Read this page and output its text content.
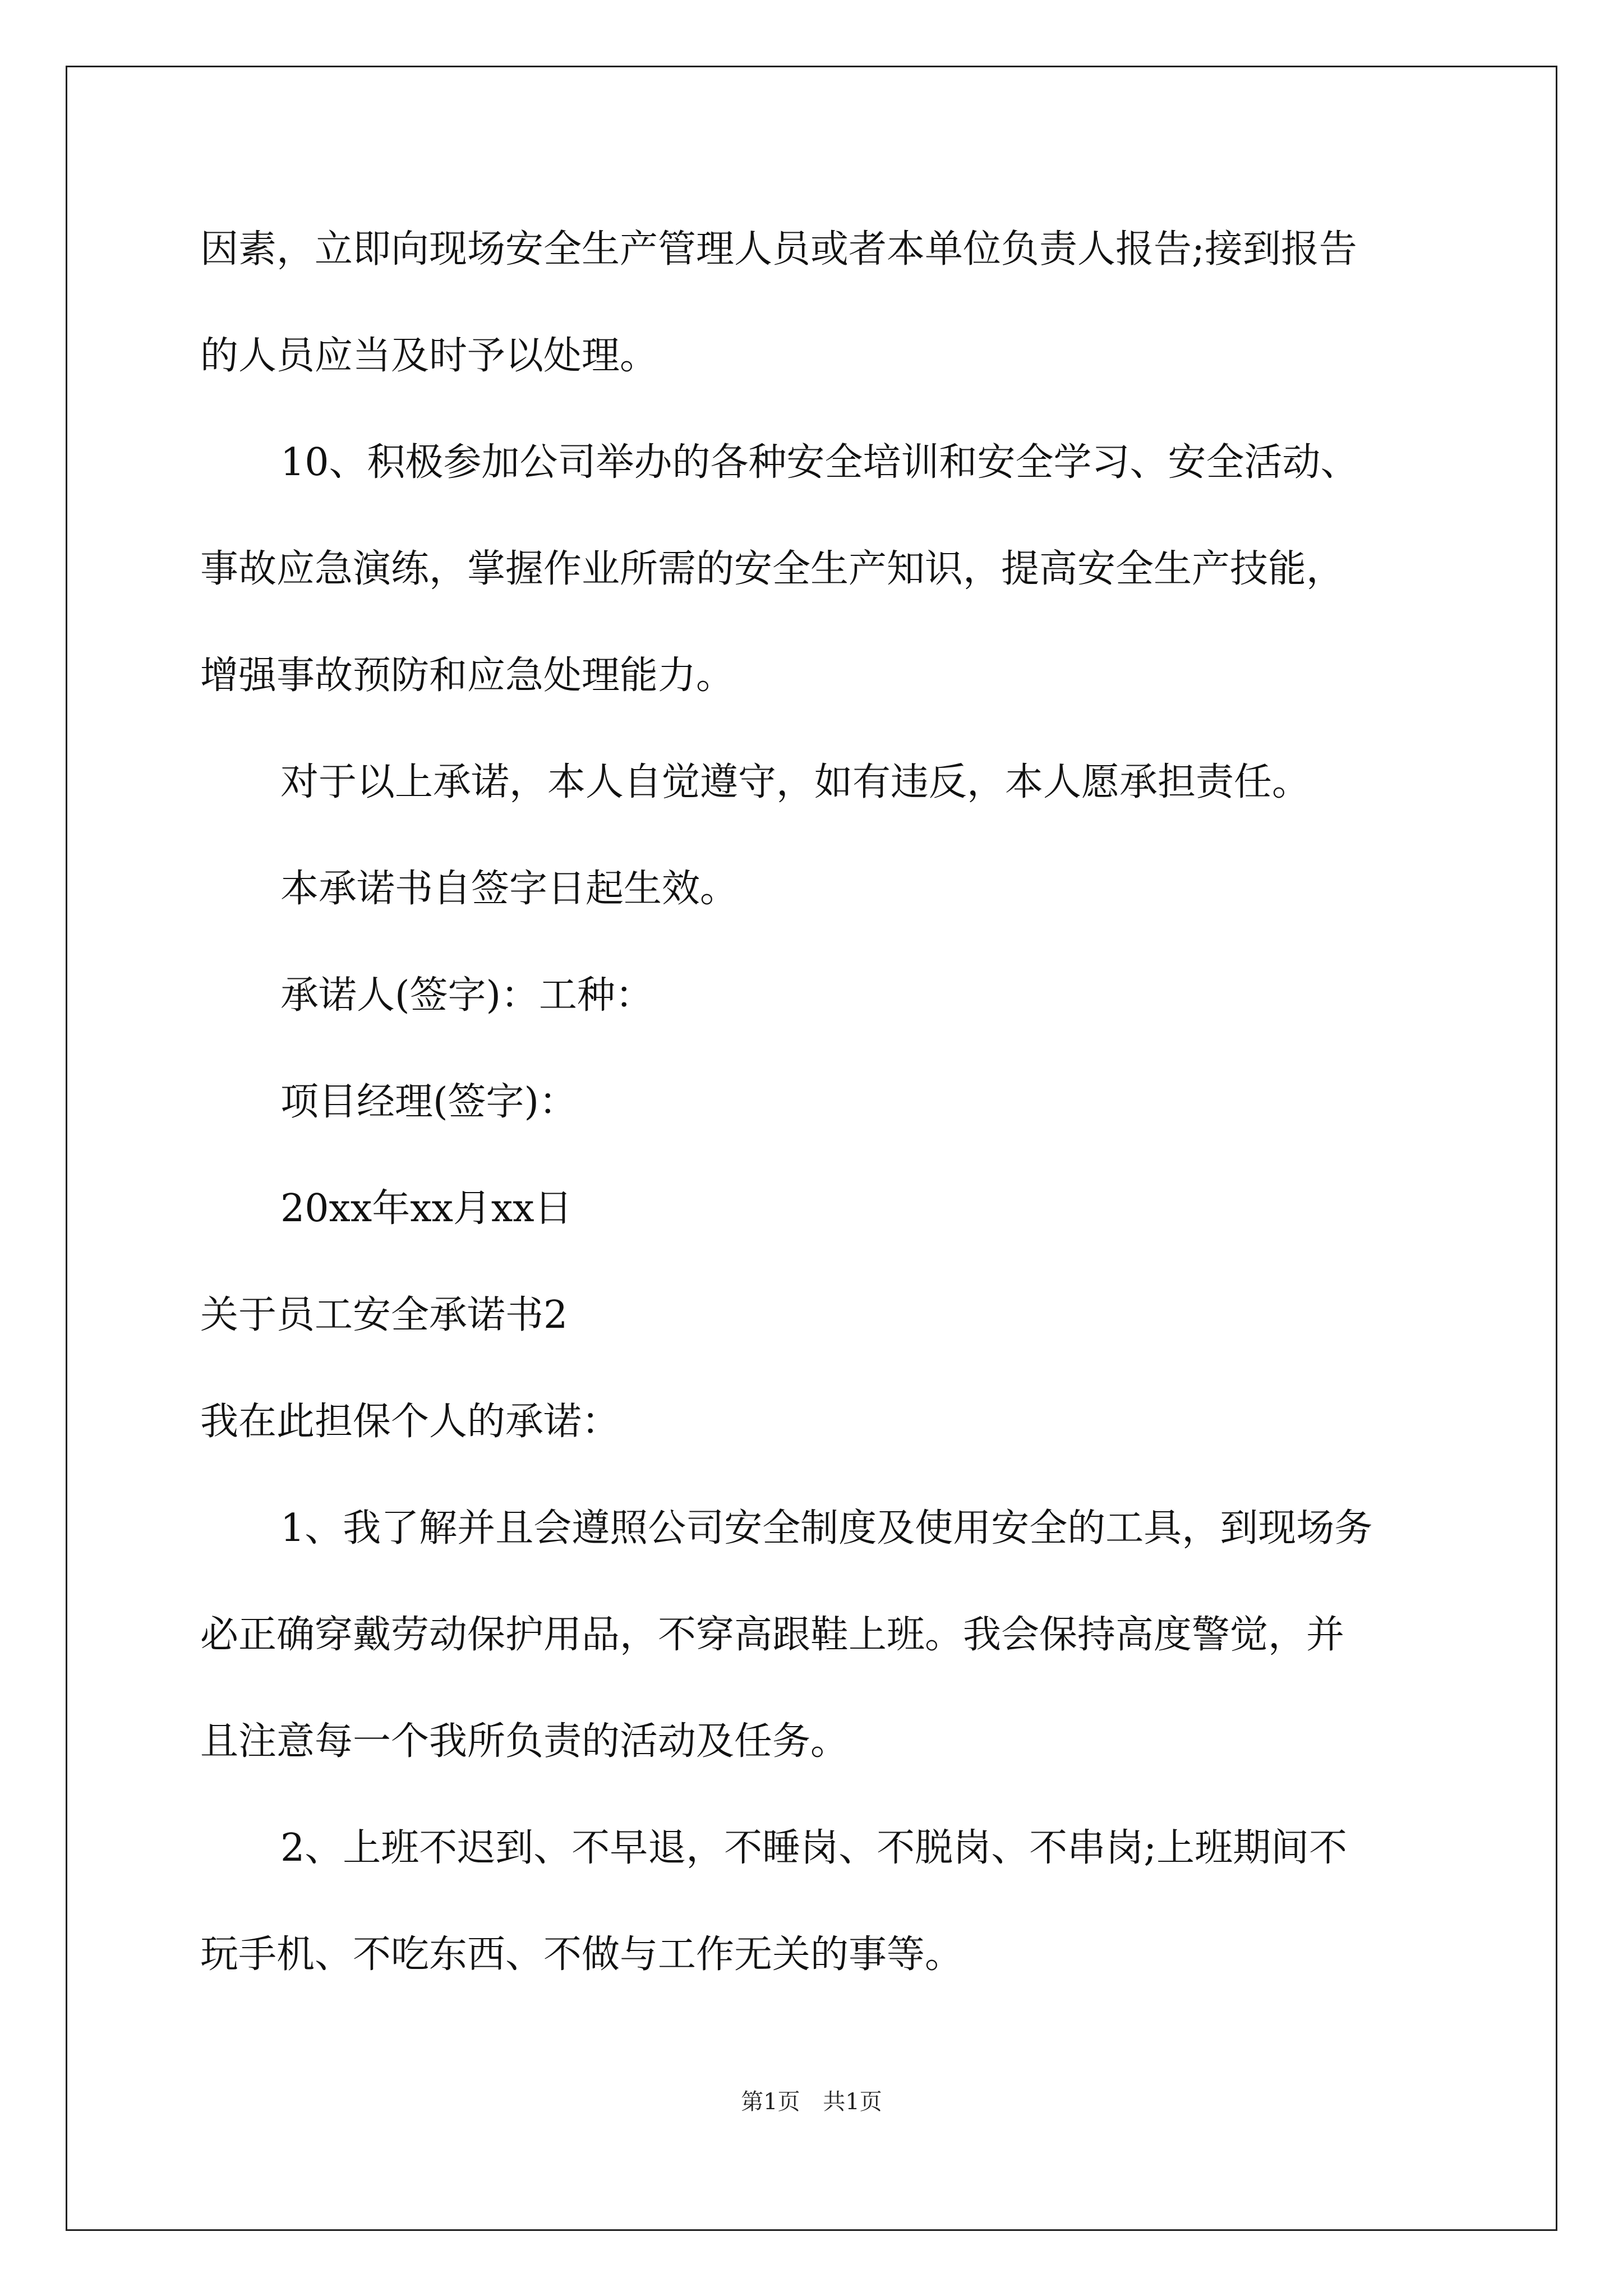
因素，立即向现场安全生产管理人员或者本单位负责人报告;接到报告
的人员应当及时予以处理。
10、积极参加公司举办的各种安全培训和安全学习、安全活动、
事故应急演练，掌握作业所需的安全生产知识，提高安全生产技能，
增强事故预防和应急处理能力。
对于以上承诺，本人自觉遵守，如有违反，本人愿承担责任。
本承诺书自签字日起生效。
承诺人(签字)：工种：
项目经理(签字)：
20xx年xx月xx日
关于员工安全承诺书2
我在此担保个人的承诺：
1、我了解并且会遵照公司安全制度及使用安全的工具，到现场务
必正确穿戴劳动保护用品，不穿高跟鞋上班。我会保持高度警觉，并
且注意每一个我所负责的活动及任务。
2、上班不迟到、不早退，不睡岗、不脱岗、不串岗;上班期间不
玩手机、不吃东西、不做与工作无关的事等。
第1页 共1页
